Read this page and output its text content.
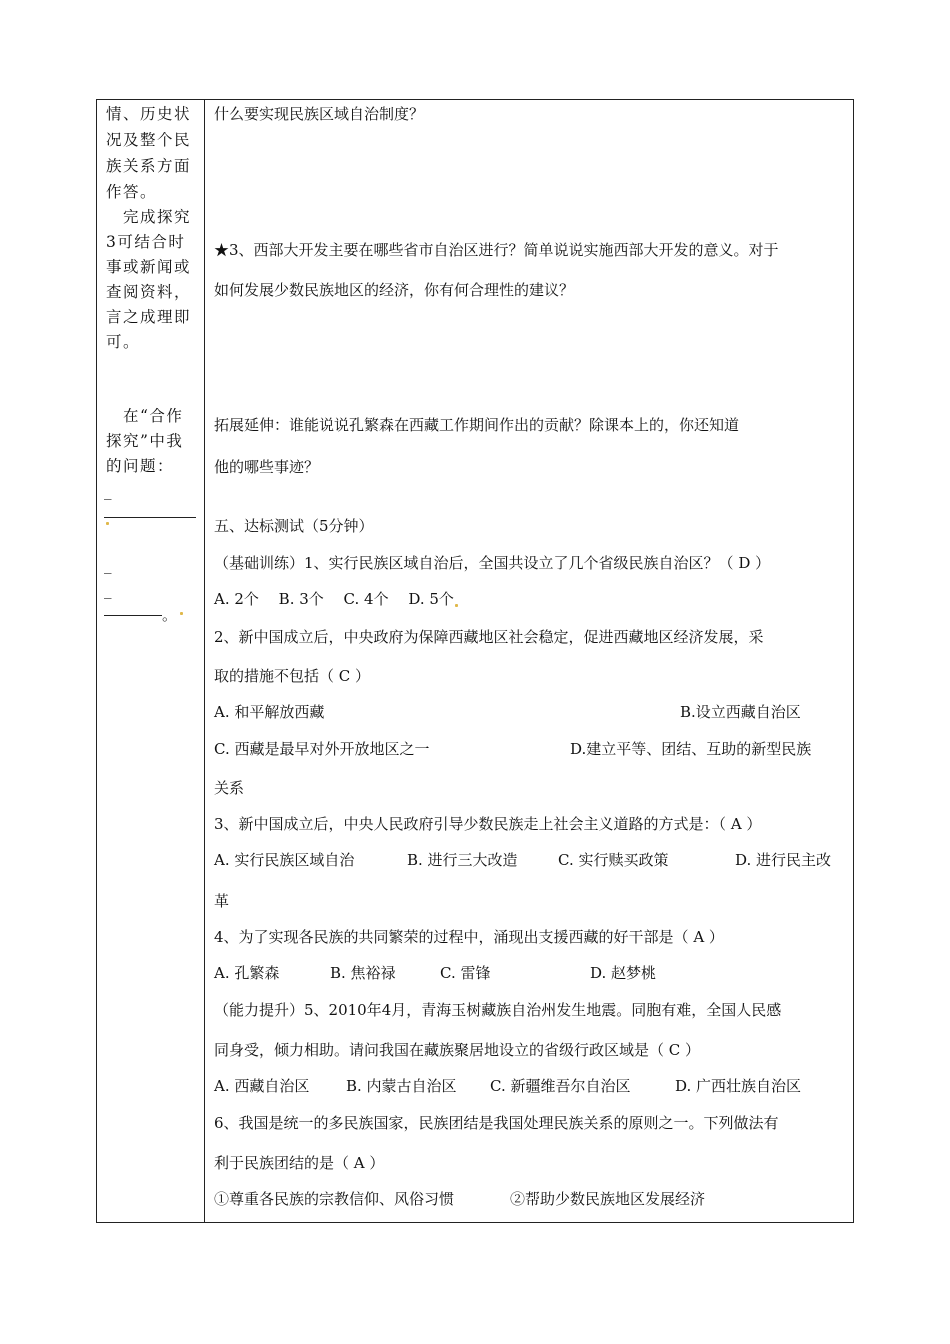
情、历史状
况及整个民
族关系方面
作答。
完成探究
3可结合时
事或新闻或
查阅资料，
言之成理即
可。
在“合作
探究”中我
的问题：
_
_
_
。
什么要实现民族区域自治制度？
★3、西部大开发主要在哪些省市自治区进行？简单说说实施西部大开发的意义。对于
如何发展少数民族地区的经济，你有何合理性的建议？
拓展延伸：谁能说说孔繁森在西藏工作期间作出的贡献？除课本上的，你还知道
他的哪些事迹？
五、达标测试（5分钟）
（基础训练）1、实行民族区域自治后，全国共设立了几个省级民族自治区？（ D ）
A. 2个　 B. 3个　 C. 4个　 D. 5个
2、新中国成立后，中央政府为保障西藏地区社会稳定，促进西藏地区经济发展，采
取的措施不包括（ C ）
A. 和平解放西藏	B.设立西藏自治区
C. 西藏是最早对外开放地区之一	D.建立平等、团结、互助的新型民族
关系
3、新中国成立后，中央人民政府引导少数民族走上社会主义道路的方式是：（ A ）
A. 实行民族区域自治	B. 进行三大改造	C. 实行赎买政策	D. 进行民主改
革
4、为了实现各民族的共同繁荣的过程中，涌现出支援西藏的好干部是（ A ）
A. 孔繁森	B. 焦裕禄	C. 雷锋	D. 赵梦桃
（能力提升）5、2010年4月，青海玉树藏族自治州发生地震。同胞有难，全国人民感
同身受，倾力相助。请问我国在藏族聚居地设立的省级行政区域是（ C ）
A. 西藏自治区 B. 内蒙古自治区 C. 新疆维吾尔自治区	D. 广西壮族自治区
6、我国是统一的多民族国家，民族团结是我国处理民族关系的原则之一。下列做法有
利于民族团结的是（ A ）
①尊重各民族的宗教信仰、风俗习惯	②帮助少数民族地区发展经济
